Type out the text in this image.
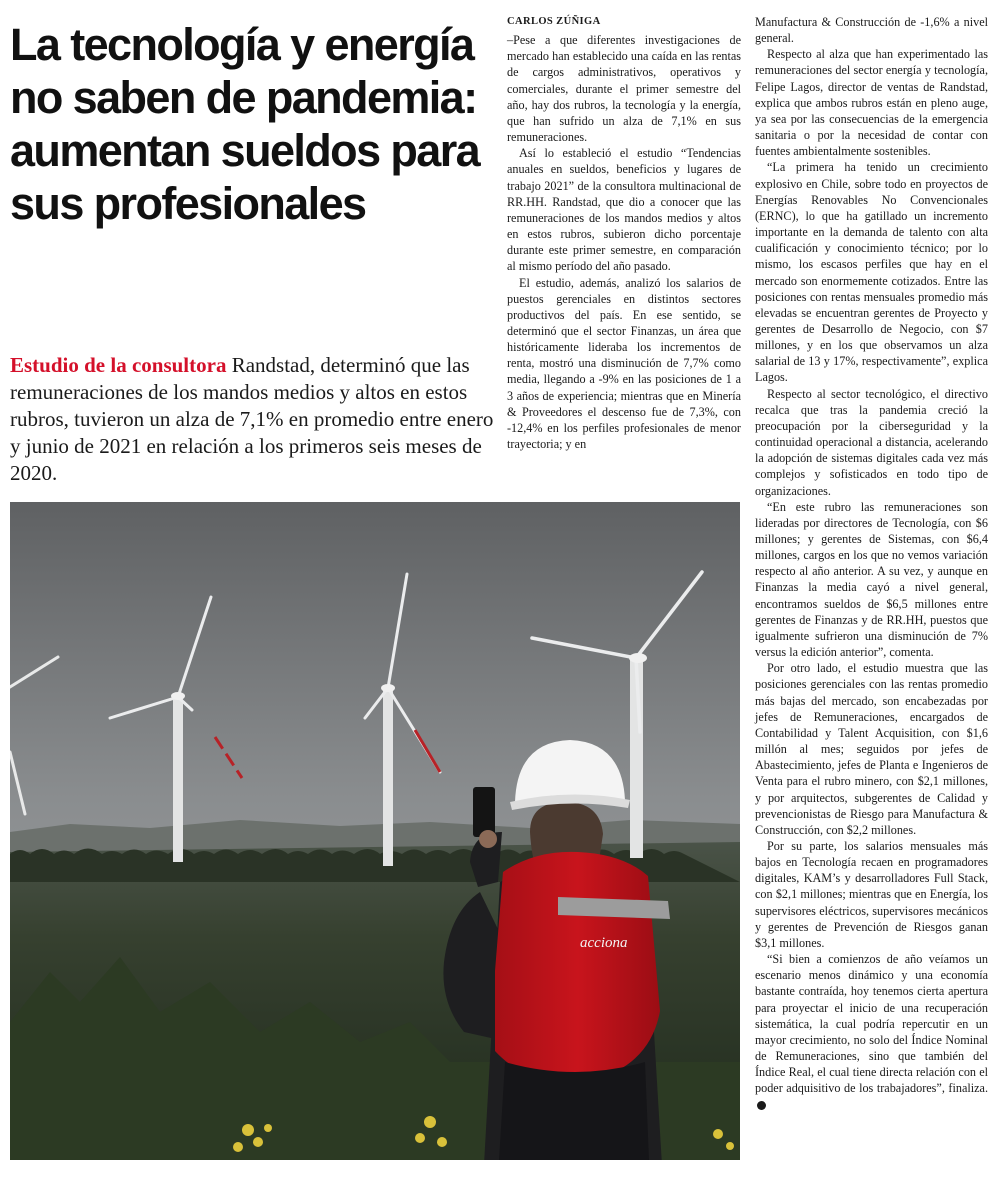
La tecnología y energía no saben de pandemia: aumentan sueldos para sus profesionales

Estudio de la consultora Randstad, determinó que las remuneraciones de los mandos medios y altos en estos rubros, tuvieron un alza de 7,1% en promedio entre enero y junio de 2021 en relación a los primeros seis meses de 2020.

CARLOS ZÚÑIGA

–Pese a que diferentes investigaciones de mercado han establecido una caída en las rentas de cargos administrativos, operativos y comerciales, durante el primer semestre del año, hay dos rubros, la tecnología y la energía, que han sufrido un alza de 7,1% en sus remuneraciones.

Así lo estableció el estudio “Tendencias anuales en sueldos, beneficios y lugares de trabajo 2021” de la consultora multinacional de RR.HH. Randstad, que dio a conocer que las remuneraciones de los mandos medios y altos en estos rubros, subieron dicho porcentaje durante este primer semestre, en comparación al mismo período del año pasado.

El estudio, además, analizó los salarios de puestos gerenciales en distintos sectores productivos del país. En ese sentido, se determinó que el sector Finanzas, un área que históricamente lideraba los incrementos de renta, mostró una disminución de 7,7% como media, llegando a -9% en las posiciones de 1 a 3 años de experiencia; mientras que en Minería & Proveedores el descenso fue de 7,3%, con -12,4% en los perfiles profesionales de menor trayectoria; y en

Manufactura & Construcción de -1,6% a nivel general.

Respecto al alza que han experimentado las remuneraciones del sector energía y tecnología, Felipe Lagos, director de ventas de Randstad, explica que ambos rubros están en pleno auge, ya sea por las consecuencias de la emergencia sanitaria o por la necesidad de contar con fuentes ambientalmente sostenibles.

“La primera ha tenido un crecimiento explosivo en Chile, sobre todo en proyectos de Energías Renovables No Convencionales (ERNC), lo que ha gatillado un incremento importante en la demanda de talento con alta cualificación y conocimiento técnico; por lo mismo, los escasos perfiles que hay en el mercado son enormemente cotizados. Entre las posiciones con rentas mensuales promedio más elevadas se encuentran gerentes de Proyecto y gerentes de Desarrollo de Negocio, con $7 millones, y en los que observamos un alza salarial de 13 y 17%, respectivamente”, explica Lagos.

Respecto al sector tecnológico, el directivo recalca que tras la pandemia creció la preocupación por la ciberseguridad y la continuidad operacional a distancia, acelerando la adopción de sistemas digitales cada vez más complejos y sofisticados en todo tipo de organizaciones.

“En este rubro las remuneraciones son lideradas por directores de Tecnología, con $6 millones; y gerentes de Sistemas, con $6,4 millones, cargos en los que no vemos variación respecto al año anterior. A su vez, y aunque en Finanzas la media cayó a nivel general, encontramos sueldos de $6,5 millones entre gerentes de Finanzas y de RR.HH, puestos que igualmente sufrieron una disminución de 7% versus la edición anterior”, comenta.

Por otro lado, el estudio muestra que las posiciones gerenciales con las rentas promedio más bajas del mercado, son encabezadas por jefes de Remuneraciones, encargados de Contabilidad y Talent Acquisition, con $1,6 millón al mes; seguidos por jefes de Abastecimiento, jefes de Planta e Ingenieros de Venta para el rubro minero, con $2,1 millones, y por arquitectos, subgerentes de Calidad y prevencionistas de Riesgo para Manufactura & Construcción, con $2,2 millones.

Por su parte, los salarios mensuales más bajos en Tecnología recaen en programadores digitales, KAM’s y desarrolladores Full Stack, con $2,1 millones; mientras que en Energía, los supervisores eléctricos, supervisores mecánicos y gerentes de Prevención de Riesgos ganan $3,1 millones.

“Si bien a comienzos de año veíamos un escenario menos dinámico y una economía bastante contraída, hoy tenemos cierta apertura para proyectar el inicio de una recuperación sistemática, la cual podría repercutir en un mayor crecimiento, no solo del Índice Nominal de Remuneraciones, sino que también del Índice Real, el cual tiene directa relación con el poder adquisitivo de los trabajadores”, finaliza.

acciona
